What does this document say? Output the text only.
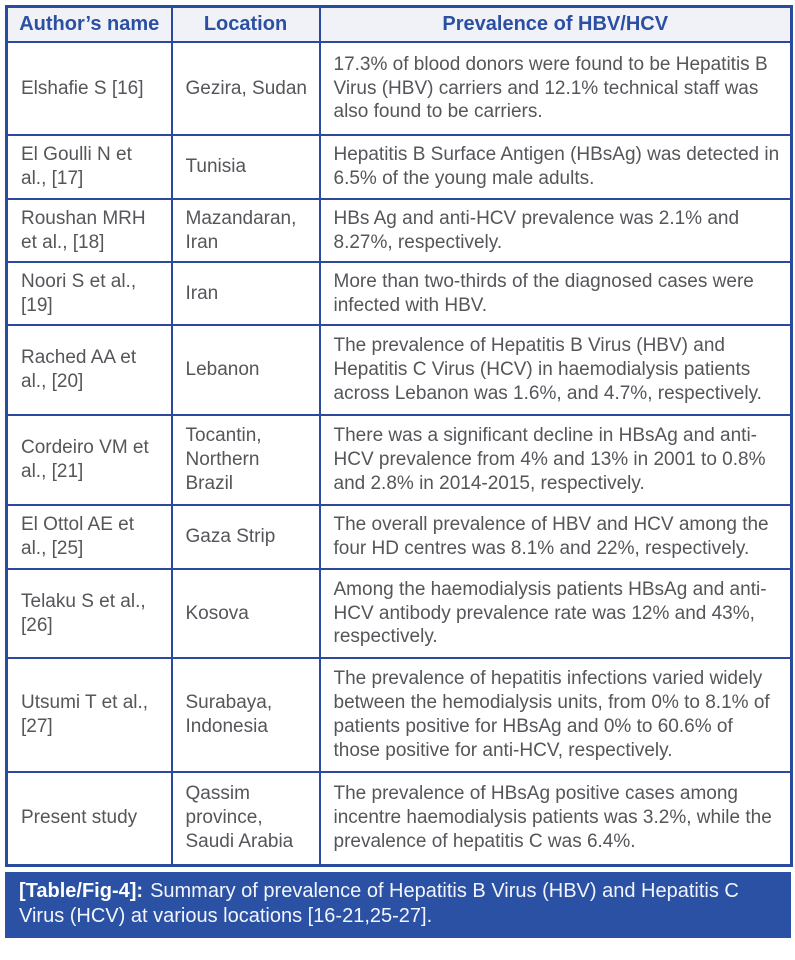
Author’s name	Location	Prevalence of HBV/HCV
Elshafie S [16]	Gezira, Sudan	17.3% of blood donors were found to be Hepatitis B Virus (HBV) carriers and 12.1% technical staff was also found to be carriers.
El Goulli N et al., [17]	Tunisia	Hepatitis B Surface Antigen (HBsAg) was detected in 6.5% of the young male adults.
Roushan MRH et al., [18]	Mazandaran, Iran	HBs Ag and anti-HCV prevalence was 2.1% and 8.27%, respectively.
Noori S et al., [19]	Iran	More than two-thirds of the diagnosed cases were infected with HBV.
Rached AA et al., [20]	Lebanon	The prevalence of Hepatitis B Virus (HBV) and Hepatitis C Virus (HCV) in haemodialysis patients across Lebanon was 1.6%, and 4.7%, respectively.
Cordeiro VM et al., [21]	Tocantin, Northern Brazil	There was a significant decline in HBsAg and anti-HCV prevalence from 4% and 13% in 2001 to 0.8% and 2.8% in 2014-2015, respectively.
El Ottol AE et al., [25]	Gaza Strip	The overall prevalence of HBV and HCV among the four HD centres was 8.1% and 22%, respectively.
Telaku S et al., [26]	Kosova	Among the haemodialysis patients HBsAg and anti-HCV antibody prevalence rate was 12% and 43%, respectively.
Utsumi T et al., [27]	Surabaya, Indonesia	The prevalence of hepatitis infections varied widely between the hemodialysis units, from 0% to 8.1% of patients positive for HBsAg and 0% to 60.6% of those positive for anti-HCV, respectively.
Present study	Qassim province, Saudi Arabia	The prevalence of HBsAg positive cases among incentre haemodialysis patients was 3.2%, while the prevalence of hepatitis C was 6.4%.
[Table/Fig-4]: Summary of prevalence of Hepatitis B Virus (HBV) and Hepatitis C Virus (HCV) at various locations [16-21,25-27].
